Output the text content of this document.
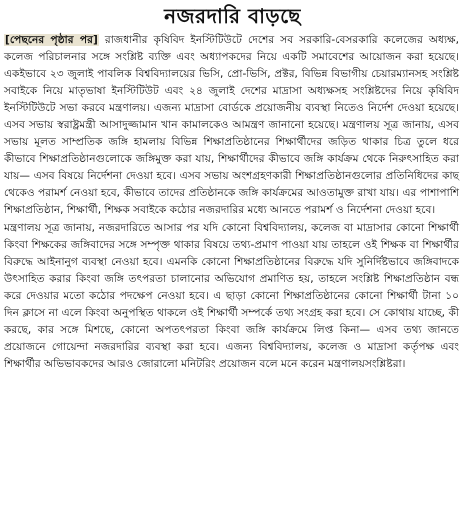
নজরদারি বাড়ছে

[পেছনের পৃষ্ঠার পর] রাজধানীর কৃষিবিদ ইনস্টিটিউটে দেশের সব সরকারি-বেসরকারি কলেজের অধ্যক্ষ, কলেজ পরিচালনার সঙ্গে সংশ্লিষ্ট ব্যক্তি এবং অধ্যাপকদের নিয়ে একটি সমাবেশের আয়োজন করা হয়েছে। একইভাবে ২৩ জুলাই পাবলিক বিশ্ববিদ্যালয়ের ভিসি, প্রো-ভিসি, প্রক্টর, বিভিন্ন বিভাগীয় চেয়ারম্যানসহ সংশ্লিষ্ট সবাইকে নিয়ে মাতৃভাষা ইনস্টিটিউট এবং ২৪ জুলাই দেশের মাদ্রাসা অধ্যক্ষসহ সংশ্লিষ্টদের নিয়ে কৃষিবিদ ইনস্টিটিউটে সভা করবে মন্ত্রণালয়। এজন্য মাদ্রাসা বোর্ডকে প্রয়োজনীয় ব্যবস্থা নিতেও নির্দেশ দেওয়া হয়েছে। এসব সভায় স্বরাষ্ট্রমন্ত্রী আসাদুজ্জামান খান কামালকেও আমন্ত্রণ জানানো হয়েছে। মন্ত্রণালয় সূত্র জানায়, এসব সভায় মূলত সাম্প্রতিক জঙ্গি হামলায় বিভিন্ন শিক্ষাপ্রতিষ্ঠানের শিক্ষার্থীদের জড়িত থাকার চিত্র তুলে ধরে কীভাবে শিক্ষাপ্রতিষ্ঠানগুলোকে জঙ্গিমুক্ত করা যায়, শিক্ষার্থীদের কীভাবে জঙ্গি কার্যক্রম থেকে নিরুৎসাহিত করা যায়— এসব বিষয়ে নির্দেশনা দেওয়া হবে। এসব সভায় অংশগ্রহণকারী শিক্ষাপ্রতিষ্ঠানগুলোর প্রতিনিধিদের কাছ থেকেও পরামর্শ নেওয়া হবে, কীভাবে তাদের প্রতিষ্ঠানকে জঙ্গি কার্যক্রমের আওতামুক্ত রাখা যায়। এর পাশাপাশি শিক্ষাপ্রতিষ্ঠান, শিক্ষার্থী, শিক্ষক সবাইকে কঠোর নজরদারির মধ্যে আনতে পরামর্শ ও নির্দেশনা দেওয়া হবে।

মন্ত্রণালয় সূত্র জানায়, নজরদারিতে আসার পর যদি কোনো বিশ্ববিদ্যালয়, কলেজ বা মাদ্রাসার কোনো শিক্ষার্থী কিংবা শিক্ষকের জঙ্গিবাদের সঙ্গে সম্পৃক্ত থাকার বিষয়ে তথ্য-প্রমাণ পাওয়া যায় তাহলে ওই শিক্ষক বা শিক্ষার্থীর বিরুদ্ধে আইনানুগ ব্যবস্থা নেওয়া হবে। এমনকি কোনো শিক্ষাপ্রতিষ্ঠানের বিরুদ্ধে যদি সুনির্দিষ্টভাবে জঙ্গিবাদকে উৎসাহিত করার কিংবা জঙ্গি তৎপরতা চালানোর অভিযোগ প্রমাণিত হয়, তাহলে সংশ্লিষ্ট শিক্ষাপ্রতিষ্ঠান বন্ধ করে দেওয়ার মতো কঠোর পদক্ষেপ নেওয়া হবে। এ ছাড়া কোনো শিক্ষাপ্রতিষ্ঠানের কোনো শিক্ষার্থী টানা ১০ দিন ক্লাসে না এলে কিংবা অনুপস্থিত থাকলে ওই শিক্ষার্থী সম্পর্কে তথ্য সংগ্রহ করা হবে। সে কোথায় যাচ্ছে, কী করছে, কার সঙ্গে মিশছে, কোনো অপতৎপরতা কিংবা জঙ্গি কার্যক্রমে লিপ্ত কিনা— এসব তথ্য জানতে প্রয়োজনে গোয়েন্দা নজরদারির ব্যবস্থা করা হবে। এজন্য বিশ্ববিদ্যালয়, কলেজ ও মাদ্রাসা কর্তৃপক্ষ এবং শিক্ষার্থীর অভিভাবকদের আরও জোরালো মনিটরিং প্রয়োজন বলে মনে করেন মন্ত্রণালয়সংশ্লিষ্টরা।
